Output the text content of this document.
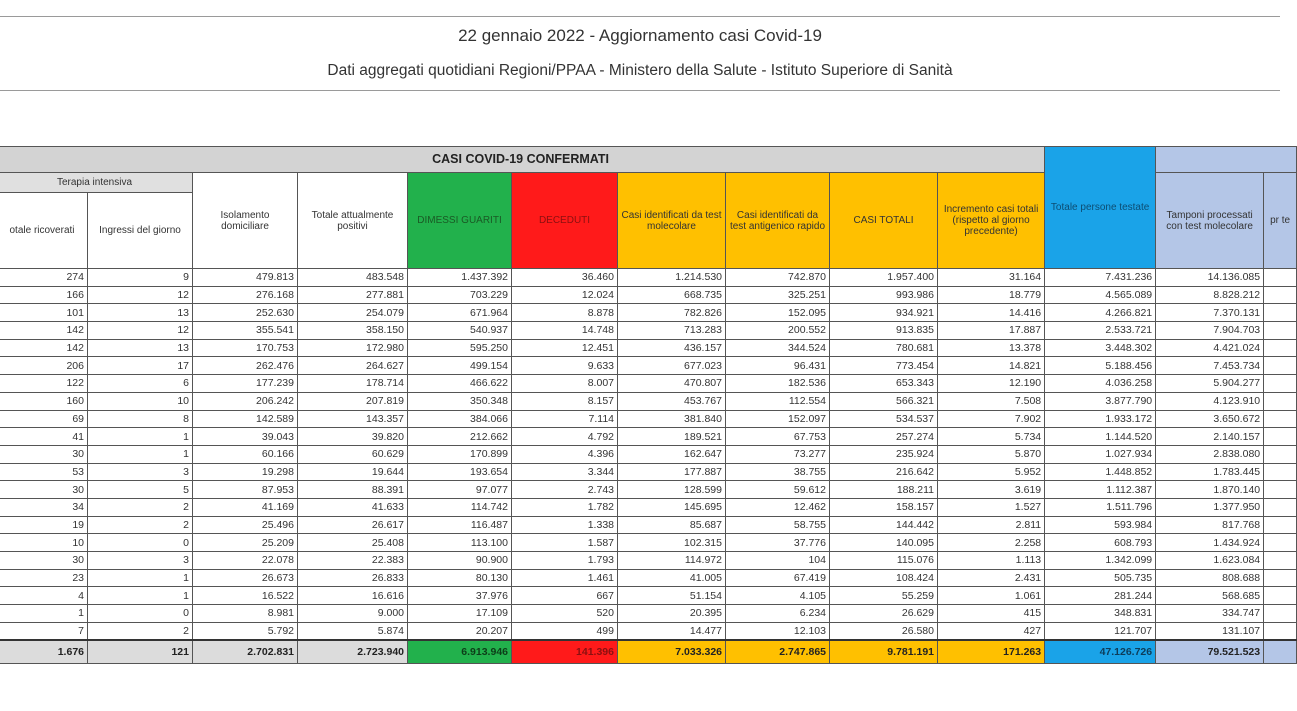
22 gennaio 2022 - Aggiornamento casi Covid-19
Dati aggregati quotidiani Regioni/PPAA - Ministero della Salute - Istituto Superiore di Sanità
CASI COVID-19 CONFERMATI										Totale persone testate		
Terapia intensiva		Isolamento domiciliare	Totale attualmente positivi	DIMESSI GUARITI	DECEDUTI	Casi identificati da test molecolare	Casi identificati da test antigenico rapido	CASI TOTALI	Incremento casi totali (rispetto al giorno precedente)		Tamponi processati con test molecolare	pr te
otale ricoverati	Ingressi del giorno											
274	9	479.813	483.548	1.437.392	36.460	1.214.530	742.870	1.957.400	31.164	7.431.236	14.136.085	
166	12	276.168	277.881	703.229	12.024	668.735	325.251	993.986	18.779	4.565.089	8.828.212	
101	13	252.630	254.079	671.964	8.878	782.826	152.095	934.921	14.416	4.266.821	7.370.131	
142	12	355.541	358.150	540.937	14.748	713.283	200.552	913.835	17.887	2.533.721	7.904.703	
142	13	170.753	172.980	595.250	12.451	436.157	344.524	780.681	13.378	3.448.302	4.421.024	
206	17	262.476	264.627	499.154	9.633	677.023	96.431	773.454	14.821	5.188.456	7.453.734	
122	6	177.239	178.714	466.622	8.007	470.807	182.536	653.343	12.190	4.036.258	5.904.277	
160	10	206.242	207.819	350.348	8.157	453.767	112.554	566.321	7.508	3.877.790	4.123.910	
69	8	142.589	143.357	384.066	7.114	381.840	152.097	534.537	7.902	1.933.172	3.650.672	
41	1	39.043	39.820	212.662	4.792	189.521	67.753	257.274	5.734	1.144.520	2.140.157	
30	1	60.166	60.629	170.899	4.396	162.647	73.277	235.924	5.870	1.027.934	2.838.080	
53	3	19.298	19.644	193.654	3.344	177.887	38.755	216.642	5.952	1.448.852	1.783.445	
30	5	87.953	88.391	97.077	2.743	128.599	59.612	188.211	3.619	1.112.387	1.870.140	
34	2	41.169	41.633	114.742	1.782	145.695	12.462	158.157	1.527	1.511.796	1.377.950	
19	2	25.496	26.617	116.487	1.338	85.687	58.755	144.442	2.811	593.984	817.768	
10	0	25.209	25.408	113.100	1.587	102.315	37.776	140.095	2.258	608.793	1.434.924	
30	3	22.078	22.383	90.900	1.793	114.972	104	115.076	1.113	1.342.099	1.623.084	
23	1	26.673	26.833	80.130	1.461	41.005	67.419	108.424	2.431	505.735	808.688	
4	1	16.522	16.616	37.976	667	51.154	4.105	55.259	1.061	281.244	568.685	
1	0	8.981	9.000	17.109	520	20.395	6.234	26.629	415	348.831	334.747	
7	2	5.792	5.874	20.207	499	14.477	12.103	26.580	427	121.707	131.107	
1.676	121	2.702.831	2.723.940	6.913.946	141.396	7.033.326	2.747.865	9.781.191	171.263	47.126.726	79.521.523	
